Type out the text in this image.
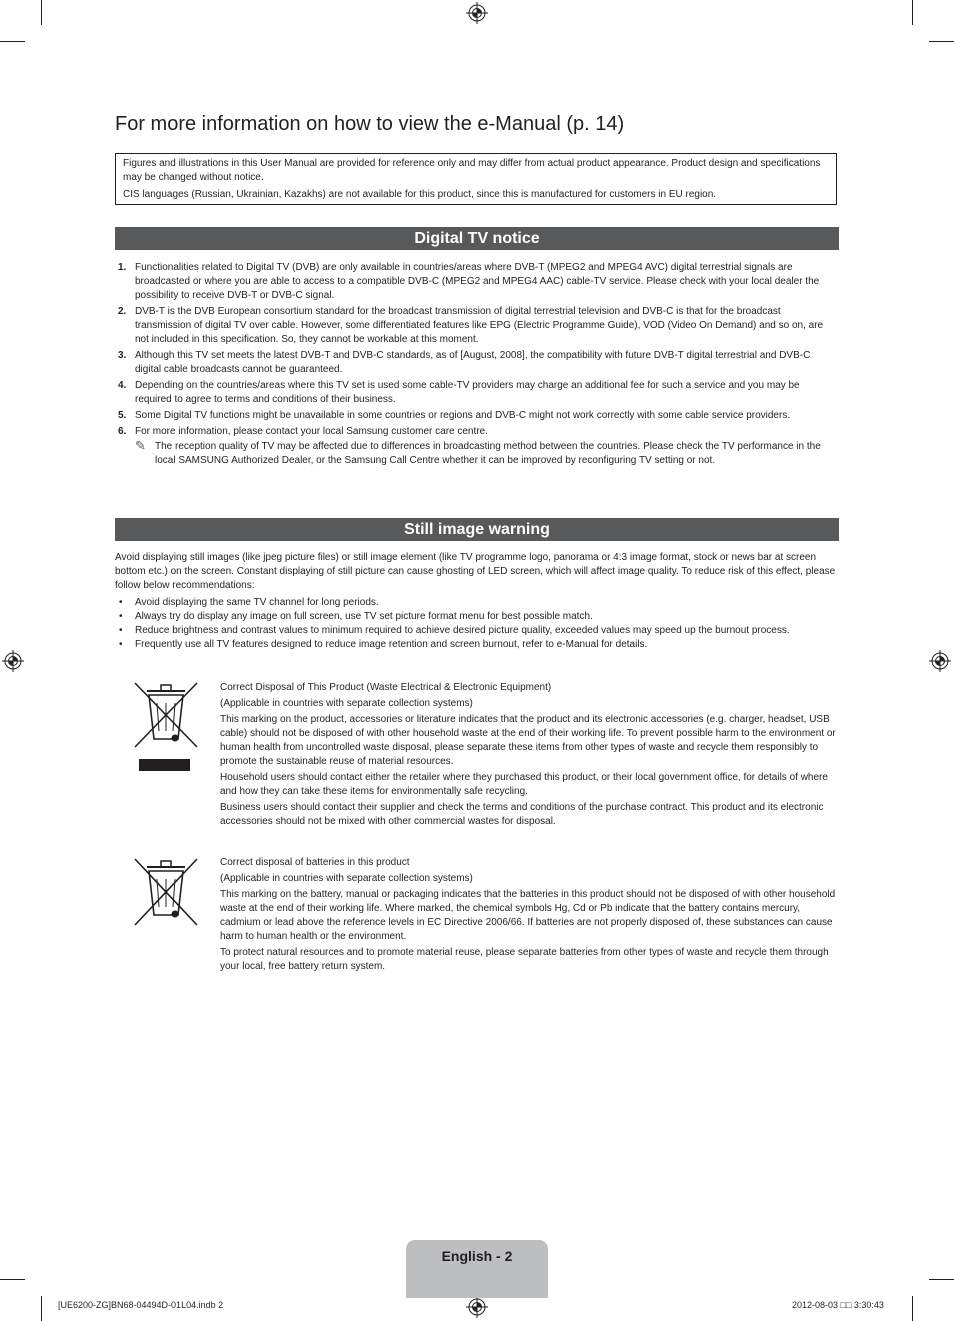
For more information on how to view the e-Manual (p. 14)

Figures and illustrations in this User Manual are provided for reference only and may differ from actual product appearance. Product design and specifications may be changed without notice.

CIS languages (Russian, Ukrainian, Kazakhs) are not available for this product, since this is manufactured for customers in EU region.

Digital TV notice
1. Functionalities related to Digital TV (DVB) are only available in countries/areas where DVB-T (MPEG2 and MPEG4 AVC) digital terrestrial signals are broadcasted or where you are able to access to a compatible DVB-C (MPEG2 and MPEG4 AAC) cable-TV service. Please check with your local dealer the possibility to receive DVB-T or DVB-C signal.
2. DVB-T is the DVB European consortium standard for the broadcast transmission of digital terrestrial television and DVB-C is that for the broadcast transmission of digital TV over cable. However, some differentiated features like EPG (Electric Programme Guide), VOD (Video On Demand) and so on, are not included in this specification. So, they cannot be workable at this moment.
3. Although this TV set meets the latest DVB-T and DVB-C standards, as of [August, 2008], the compatibility with future DVB-T digital terrestrial and DVB-C digital cable broadcasts cannot be guaranteed.
4. Depending on the countries/areas where this TV set is used some cable-TV providers may charge an additional fee for such a service and you may be required to agree to terms and conditions of their business.
5. Some Digital TV functions might be unavailable in some countries or regions and DVB-C might not work correctly with some cable service providers.
6. For more information, please contact your local Samsung customer care centre.
✎ The reception quality of TV may be affected due to differences in broadcasting method between the countries. Please check the TV performance in the local SAMSUNG Authorized Dealer, or the Samsung Call Centre whether it can be improved by reconfiguring TV setting or not.
Still image warning

Avoid displaying still images (like jpeg picture files) or still image element (like TV programme logo, panorama or 4:3 image format, stock or news bar at screen bottom etc.) on the screen. Constant displaying of still picture can cause ghosting of LED screen, which will affect image quality. To reduce risk of this effect, please follow below recommendations:

• Avoid displaying the same TV channel for long periods.
• Always try do display any image on full screen, use TV set picture format menu for best possible match.
• Reduce brightness and contrast values to minimum required to achieve desired picture quality, exceeded values may speed up the burnout process.
• Frequently use all TV features designed to reduce image retention and screen burnout, refer to e-Manual for details.

Correct Disposal of This Product (Waste Electrical & Electronic Equipment)

(Applicable in countries with separate collection systems)

This marking on the product, accessories or literature indicates that the product and its electronic accessories (e.g. charger, headset, USB cable) should not be disposed of with other household waste at the end of their working life. To prevent possible harm to the environment or human health from uncontrolled waste disposal, please separate these items from other types of waste and recycle them responsibly to promote the sustainable reuse of material resources.

Household users should contact either the retailer where they purchased this product, or their local government office, for details of where and how they can take these items for environmentally safe recycling.

Business users should contact their supplier and check the terms and conditions of the purchase contract. This product and its electronic accessories should not be mixed with other commercial wastes for disposal.

Correct disposal of batteries in this product

(Applicable in countries with separate collection systems)

This marking on the battery, manual or packaging indicates that the batteries in this product should not be disposed of with other household waste at the end of their working life. Where marked, the chemical symbols Hg, Cd or Pb indicate that the battery contains mercury, cadmium or lead above the reference levels in EC Directive 2006/66. If batteries are not properly disposed of, these substances can cause harm to human health or the environment.

To protect natural resources and to promote material reuse, please separate batteries from other types of waste and recycle them through your local, free battery return system.

English - 2
[UE6200-ZG]BN68-04494D-01L04.indb 2	2012-08-03 □□ 3:30:43
